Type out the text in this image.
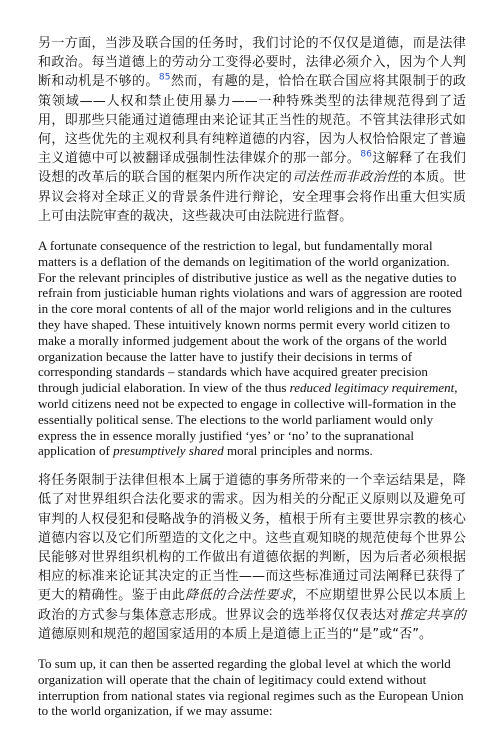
另一方面，当涉及联合国的任务时，我们讨论的不仅仅是道德，而是法律和政治。每当道德上的劳动分工变得必要时，法律必须介入，因为个人判断和动机是不够的。$^{85}$然而，有趣的是，恰恰在联合国应将其限制于的政策领域——人权和禁止使用暴力——一种特殊类型的法律规范得到了适用，即那些只能通过道德理由来论证其正当性的规范。不管其法律形式如何，这些优先的主观权利具有纯粹道德的内容，因为人权恰恰限定了普遍主义道德中可以被翻译成强制性法律媒介的那一部分。$^{86}$这解释了在我们设想的改革后的联合国的框架内所作决定的司法性而非政治性的本质。世界议会将对全球正义的背景条件进行辩论，安全理事会将作出重大但实质上可由法院审查的裁决，这些裁决可由法院进行监督。

A fortunate consequence of the restriction to legal, but fundamentally moral matters is a deflation of the demands on legitimation of the world organization. For the relevant principles of distributive justice as well as the negative duties to refrain from justiciable human rights violations and wars of aggression are rooted in the core moral contents of all of the major world religions and in the cultures they have shaped. These intuitively known norms permit every world citizen to make a morally informed judgement about the work of the organs of the world organization because the latter have to justify their decisions in terms of corresponding standards – standards which have acquired greater precision through judicial elaboration. In view of the thus reduced legitimacy requirement, world citizens need not be expected to engage in collective will-formation in the essentially political sense. The elections to the world parliament would only express the in essence morally justified ‘yes’ or ‘no’ to the supranational application of presumptively shared moral principles and norms.

将任务限制于法律但根本上属于道德的事务所带来的一个幸运结果是，降低了对世界组织合法化要求的需求。因为相关的分配正义原则以及避免可审判的人权侵犯和侵略战争的消极义务，植根于所有主要世界宗教的核心道德内容以及它们所塑造的文化之中。这些直观知晓的规范使每个世界公民能够对世界组织机构的工作做出有道德依据的判断，因为后者必须根据相应的标准来论证其决定的正当性——而这些标准通过司法阐释已获得了更大的精确性。鉴于由此降低的合法性要求，不应期望世界公民以本质上政治的方式参与集体意志形成。世界议会的选举将仅仅表达对推定共享的道德原则和规范的超国家适用的本质上是道德上正当的“是”或“否”。

To sum up, it can then be asserted regarding the global level at which the world organization will operate that the chain of legitimacy could extend without interruption from national states via regional regimes such as the European Union to the world organization, if we may assume:
